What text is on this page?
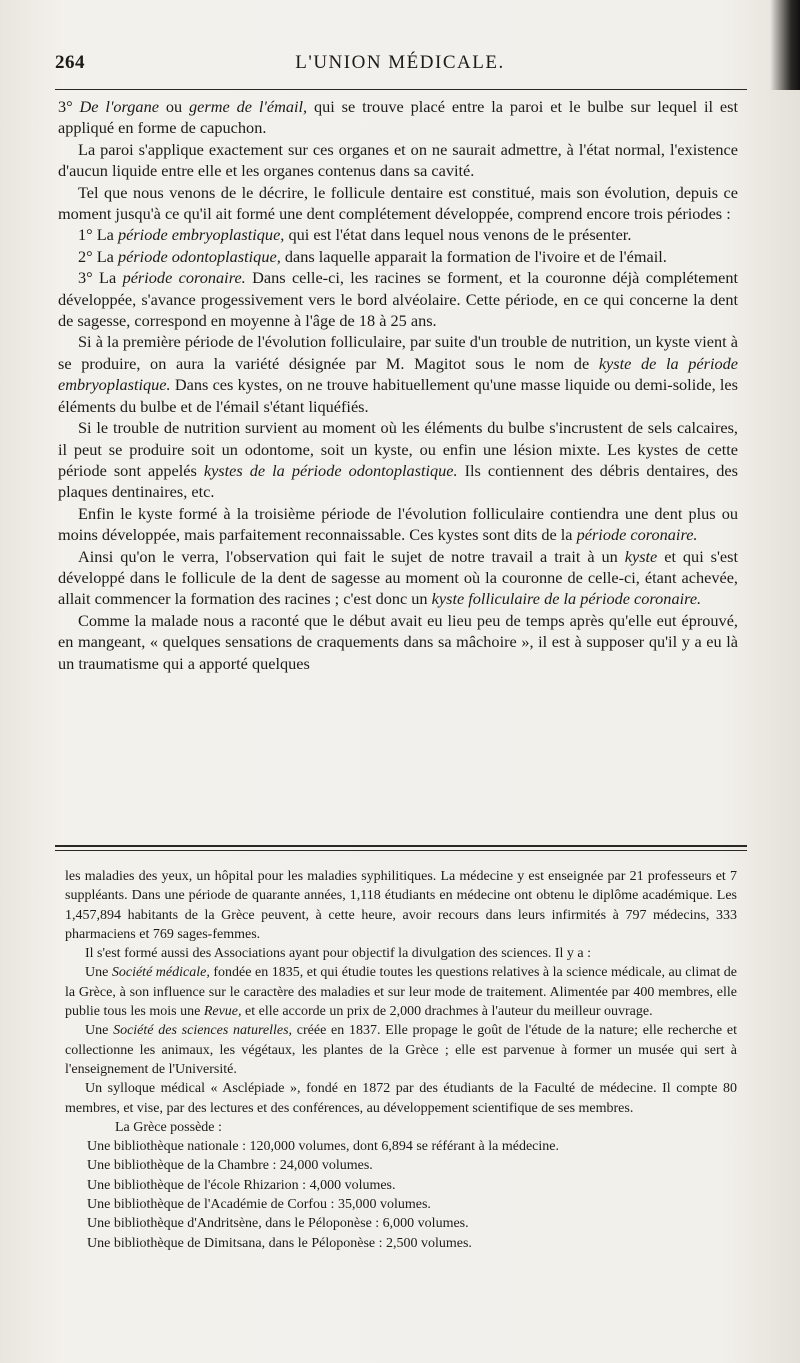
264	L'UNION MÉDICALE.

3° De l'organe ou germe de l'émail, qui se trouve placé entre la paroi et le bulbe sur lequel il est appliqué en forme de capuchon.

La paroi s'applique exactement sur ces organes et on ne saurait admettre, à l'état normal, l'existence d'aucun liquide entre elle et les organes contenus dans sa cavité.

Tel que nous venons de le décrire, le follicule dentaire est constitué, mais son évolution, depuis ce moment jusqu'à ce qu'il ait formé une dent complétement développée, comprend encore trois périodes :

1° La période embryoplastique, qui est l'état dans lequel nous venons de le présenter.

2° La période odontoplastique, dans laquelle apparait la formation de l'ivoire et de l'émail.

3° La période coronaire. Dans celle-ci, les racines se forment, et la couronne déjà complétement développée, s'avance progessivement vers le bord alvéolaire. Cette période, en ce qui concerne la dent de sagesse, correspond en moyenne à l'âge de 18 à 25 ans.

Si à la première période de l'évolution folliculaire, par suite d'un trouble de nutrition, un kyste vient à se produire, on aura la variété désignée par M. Magitot sous le nom de kyste de la période embryoplastique. Dans ces kystes, on ne trouve habituellement qu'une masse liquide ou demi-solide, les éléments du bulbe et de l'émail s'étant liquéfiés.

Si le trouble de nutrition survient au moment où les éléments du bulbe s'incrustent de sels calcaires, il peut se produire soit un odontome, soit un kyste, ou enfin une lésion mixte. Les kystes de cette période sont appelés kystes de la période odontoplastique. Ils contiennent des débris dentaires, des plaques dentinaires, etc.

Enfin le kyste formé à la troisième période de l'évolution folliculaire contiendra une dent plus ou moins développée, mais parfaitement reconnaissable. Ces kystes sont dits de la période coronaire.

Ainsi qu'on le verra, l'observation qui fait le sujet de notre travail a trait à un kyste et qui s'est développé dans le follicule de la dent de sagesse au moment où la couronne de celle-ci, étant achevée, allait commencer la formation des racines ; c'est donc un kyste folliculaire de la période coronaire.

Comme la malade nous a raconté que le début avait eu lieu peu de temps après qu'elle eut éprouvé, en mangeant, « quelques sensations de craquements dans sa mâchoire », il est à supposer qu'il y a eu là un traumatisme qui a apporté quelques

les maladies des yeux, un hôpital pour les maladies syphilitiques. La médecine y est enseignée par 21 professeurs et 7 suppléants. Dans une période de quarante années, 1,118 étudiants en médecine ont obtenu le diplôme académique. Les 1,457,894 habitants de la Grèce peuvent, à cette heure, avoir recours dans leurs infirmités à 797 médecins, 333 pharmaciens et 769 sages-femmes.

Il s'est formé aussi des Associations ayant pour objectif la divulgation des sciences. Il y a :

Une Société médicale, fondée en 1835, et qui étudie toutes les questions relatives à la science médicale, au climat de la Grèce, à son influence sur le caractère des maladies et sur leur mode de traitement. Alimentée par 400 membres, elle publie tous les mois une Revue, et elle accorde un prix de 2,000 drachmes à l'auteur du meilleur ouvrage.

Une Société des sciences naturelles, créée en 1837. Elle propage le goût de l'étude de la nature; elle recherche et collectionne les animaux, les végétaux, les plantes de la Grèce ; elle est parvenue à former un musée qui sert à l'enseignement de l'Université.

Un sylloque médical « Asclépiade », fondé en 1872 par des étudiants de la Faculté de médecine. Il compte 80 membres, et vise, par des lectures et des conférences, au développement scientifique de ses membres.

La Grèce possède :

Une bibliothèque nationale : 120,000 volumes, dont 6,894 se référant à la médecine.
Une bibliothèque de la Chambre : 24,000 volumes.
Une bibliothèque de l'école Rhizarion : 4,000 volumes.
Une bibliothèque de l'Académie de Corfou : 35,000 volumes.
Une bibliothèque d'Andritsène, dans le Péloponèse : 6,000 volumes.
Une bibliothèque de Dimitsana, dans le Péloponèse : 2,500 volumes.
